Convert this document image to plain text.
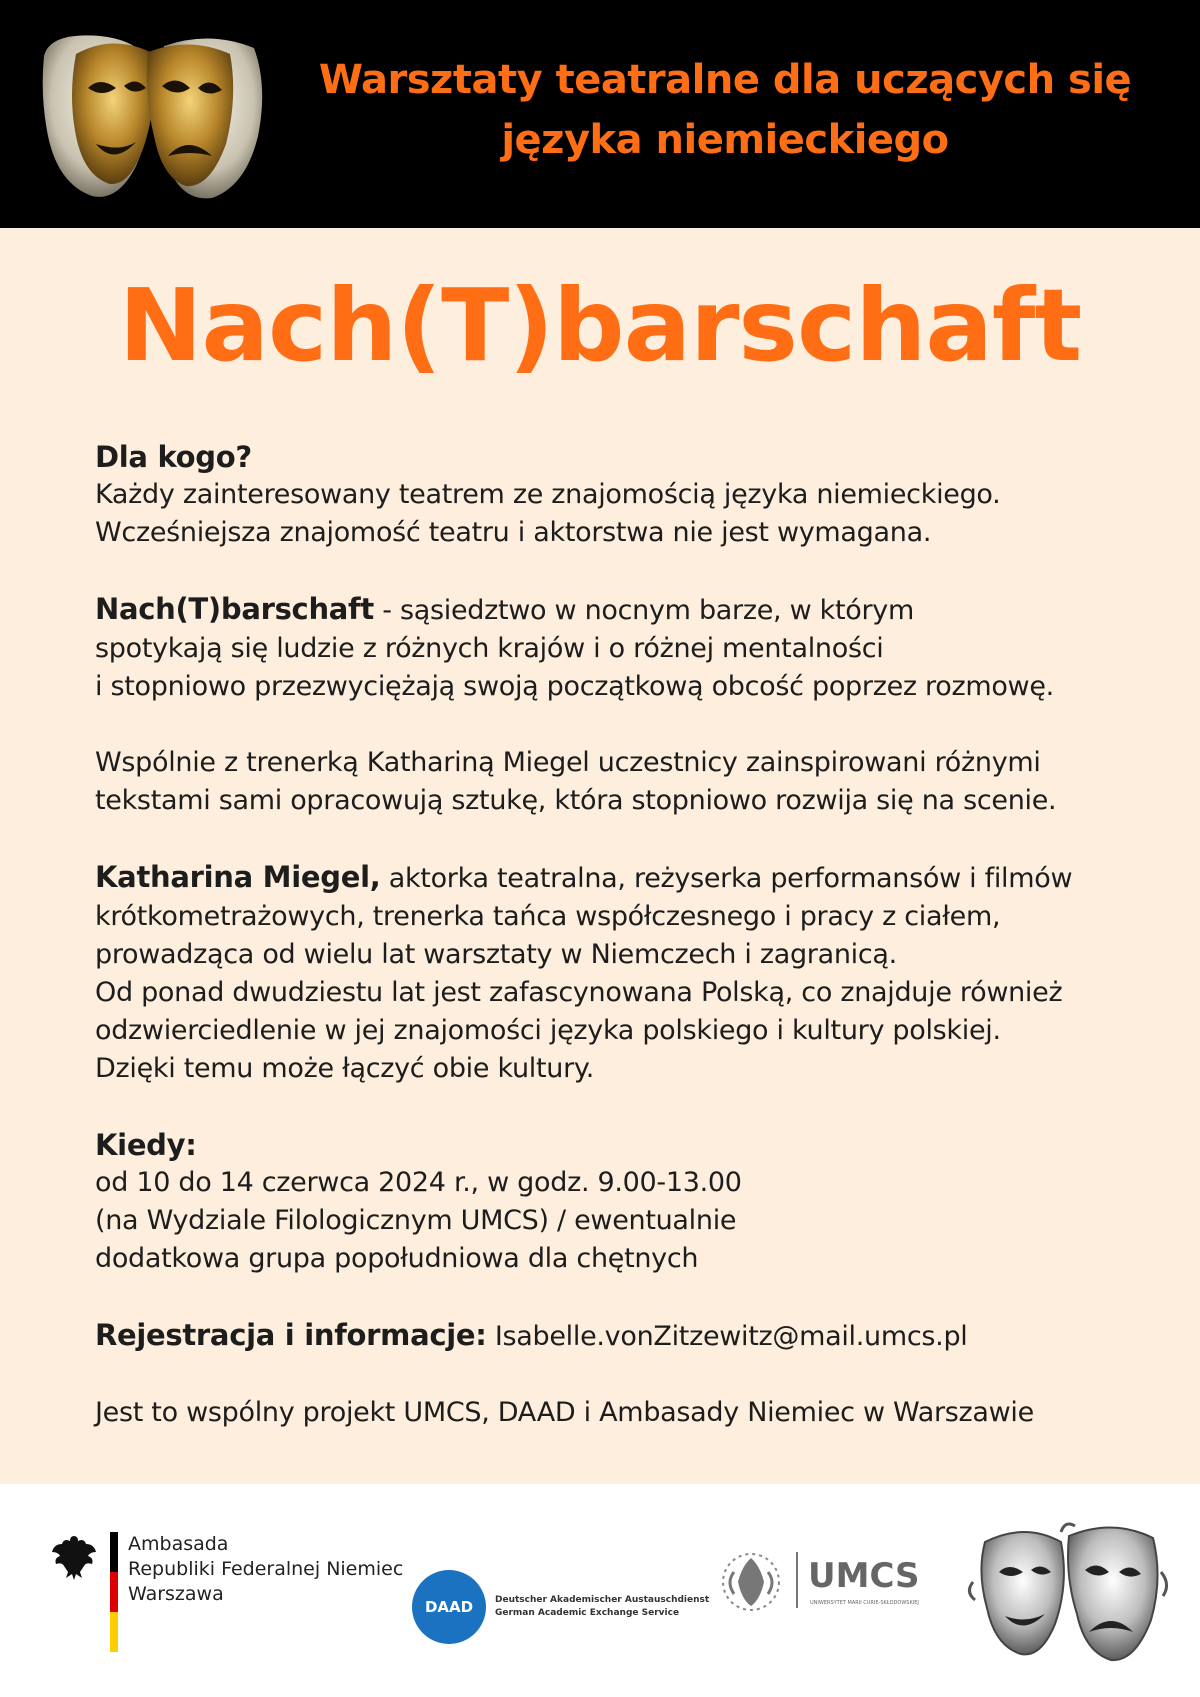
Warsztaty teatralne dla uczących się
języka niemieckiego
Nach(T)barschaft
Dla kogo?
Każdy zainteresowany teatrem ze znajomością języka niemieckiego.
Wcześniejsza znajomość teatru i aktorstwa nie jest wymagana.
Nach(T)barschaft - sąsiedztwo w nocnym barze, w którym
spotykają się ludzie z różnych krajów i o różnej mentalności
i stopniowo przezwyciężają swoją początkową obcość poprzez rozmowę.
Wspólnie z trenerką Kathariną Miegel uczestnicy zainspirowani różnymi
tekstami sami opracowują sztukę, która stopniowo rozwija się na scenie.
Katharina Miegel, aktorka teatralna, reżyserka performansów i filmów
krótkometrażowych, trenerka tańca współczesnego i pracy z ciałem,
prowadząca od wielu lat warsztaty w Niemczech i zagranicą.
Od ponad dwudziestu lat jest zafascynowana Polską, co znajduje również
odzwierciedlenie w jej znajomości języka polskiego i kultury polskiej.
Dzięki temu może łączyć obie kultury.
Kiedy:
od 10 do 14 czerwca 2024 r., w godz. 9.00-13.00
(na Wydziale Filologicznym UMCS) / ewentualnie
dodatkowa grupa popołudniowa dla chętnych
Rejestracja i informacje: Isabelle.vonZitzewitz@mail.umcs.pl
Jest to wspólny projekt UMCS, DAAD i Ambasady Niemiec w Warszawie
Ambasada
Republiki Federalnej Niemiec
Warszawa
DAAD	Deutscher Akademischer Austauschdienst
German Academic Exchange Service
UMCS
UNIWERSYTET MARII CURIE-SKŁODOWSKIEJ
